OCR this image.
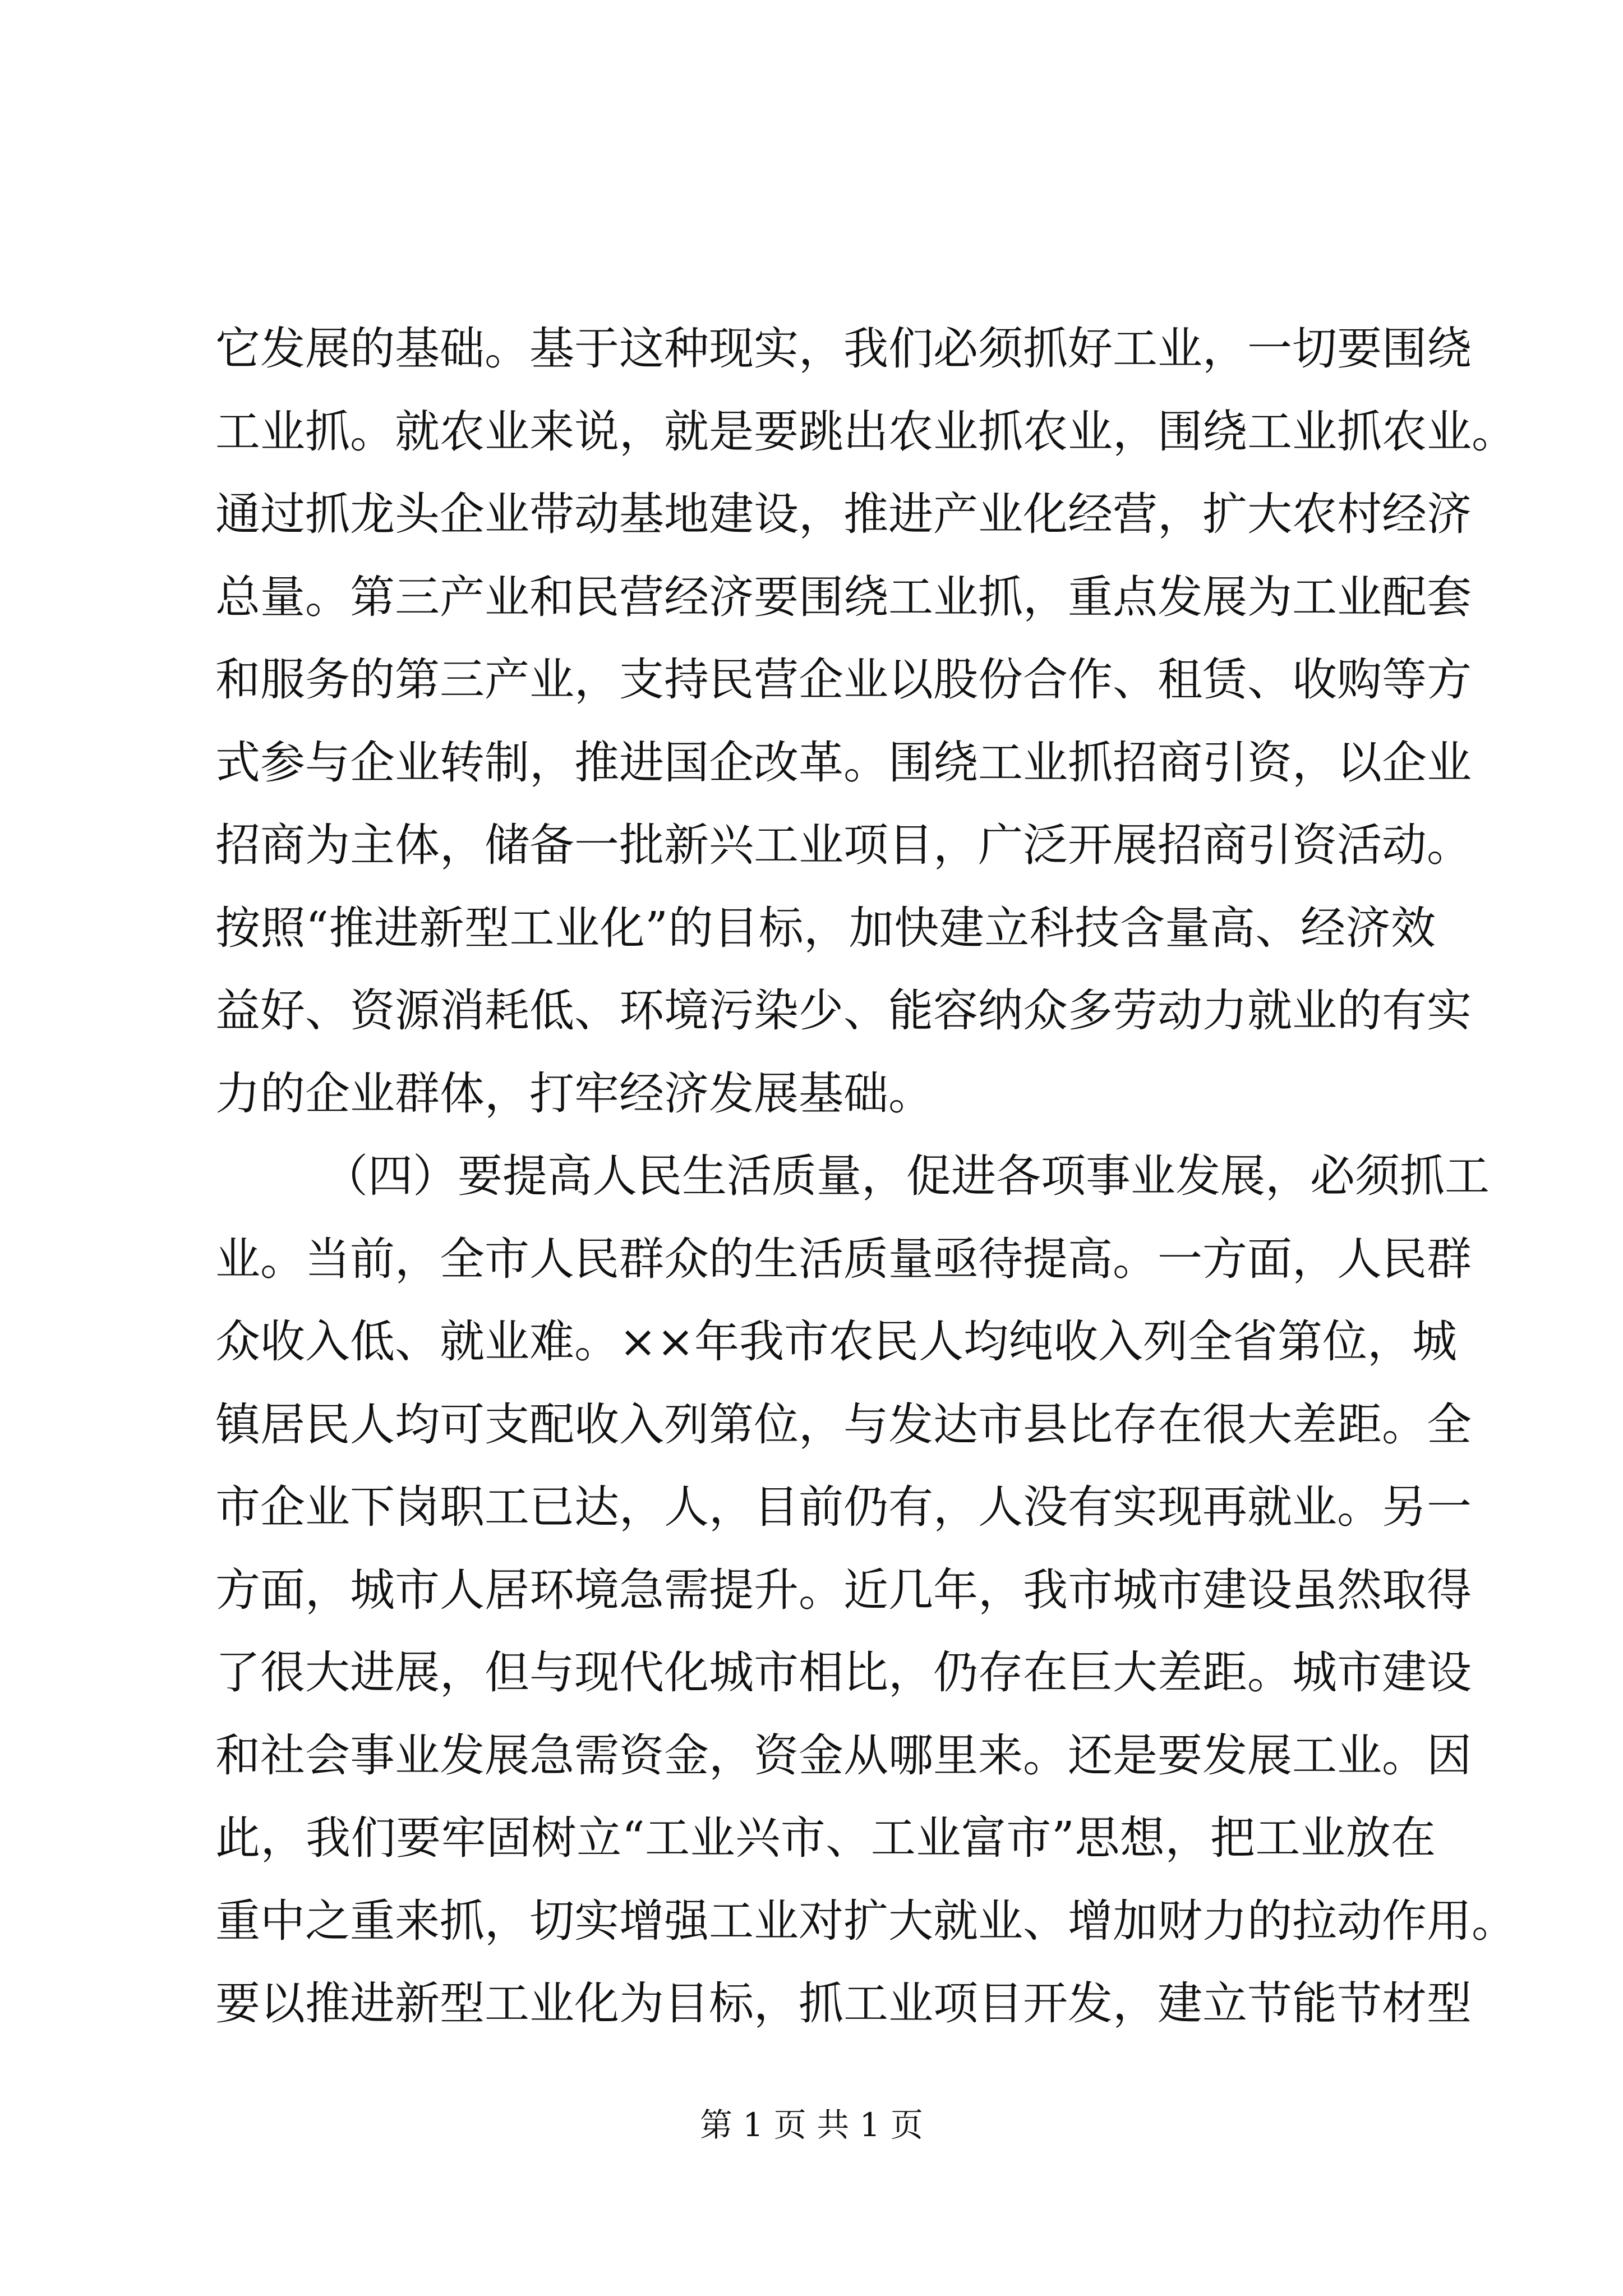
它发展的基础。基于这种现实，我们必须抓好工业，一切要围绕
工业抓。就农业来说，就是要跳出农业抓农业，围绕工业抓农业。
通过抓龙头企业带动基地建设，推进产业化经营，扩大农村经济
总量。第三产业和民营经济要围绕工业抓，重点发展为工业配套
和服务的第三产业，支持民营企业以股份合作、租赁、收购等方
式参与企业转制，推进国企改革。围绕工业抓招商引资，以企业
招商为主体，储备一批新兴工业项目，广泛开展招商引资活动。
按照“推进新型工业化”的目标，加快建立科技含量高、经济效
益好、资源消耗低、环境污染少、能容纳众多劳动力就业的有实
力的企业群体，打牢经济发展基础。
（四）要提高人民生活质量，促进各项事业发展，必须抓工
业。当前，全市人民群众的生活质量亟待提高。一方面，人民群
众收入低、就业难。××年我市农民人均纯收入列全省第位，城
镇居民人均可支配收入列第位，与发达市县比存在很大差距。全
市企业下岗职工已达，人，目前仍有，人没有实现再就业。另一
方面，城市人居环境急需提升。近几年，我市城市建设虽然取得
了很大进展，但与现代化城市相比，仍存在巨大差距。城市建设
和社会事业发展急需资金，资金从哪里来。还是要发展工业。因
此，我们要牢固树立“工业兴市、工业富市”思想，把工业放在
重中之重来抓，切实增强工业对扩大就业、增加财力的拉动作用。
要以推进新型工业化为目标，抓工业项目开发，建立节能节材型
第 1 页 共 1 页
